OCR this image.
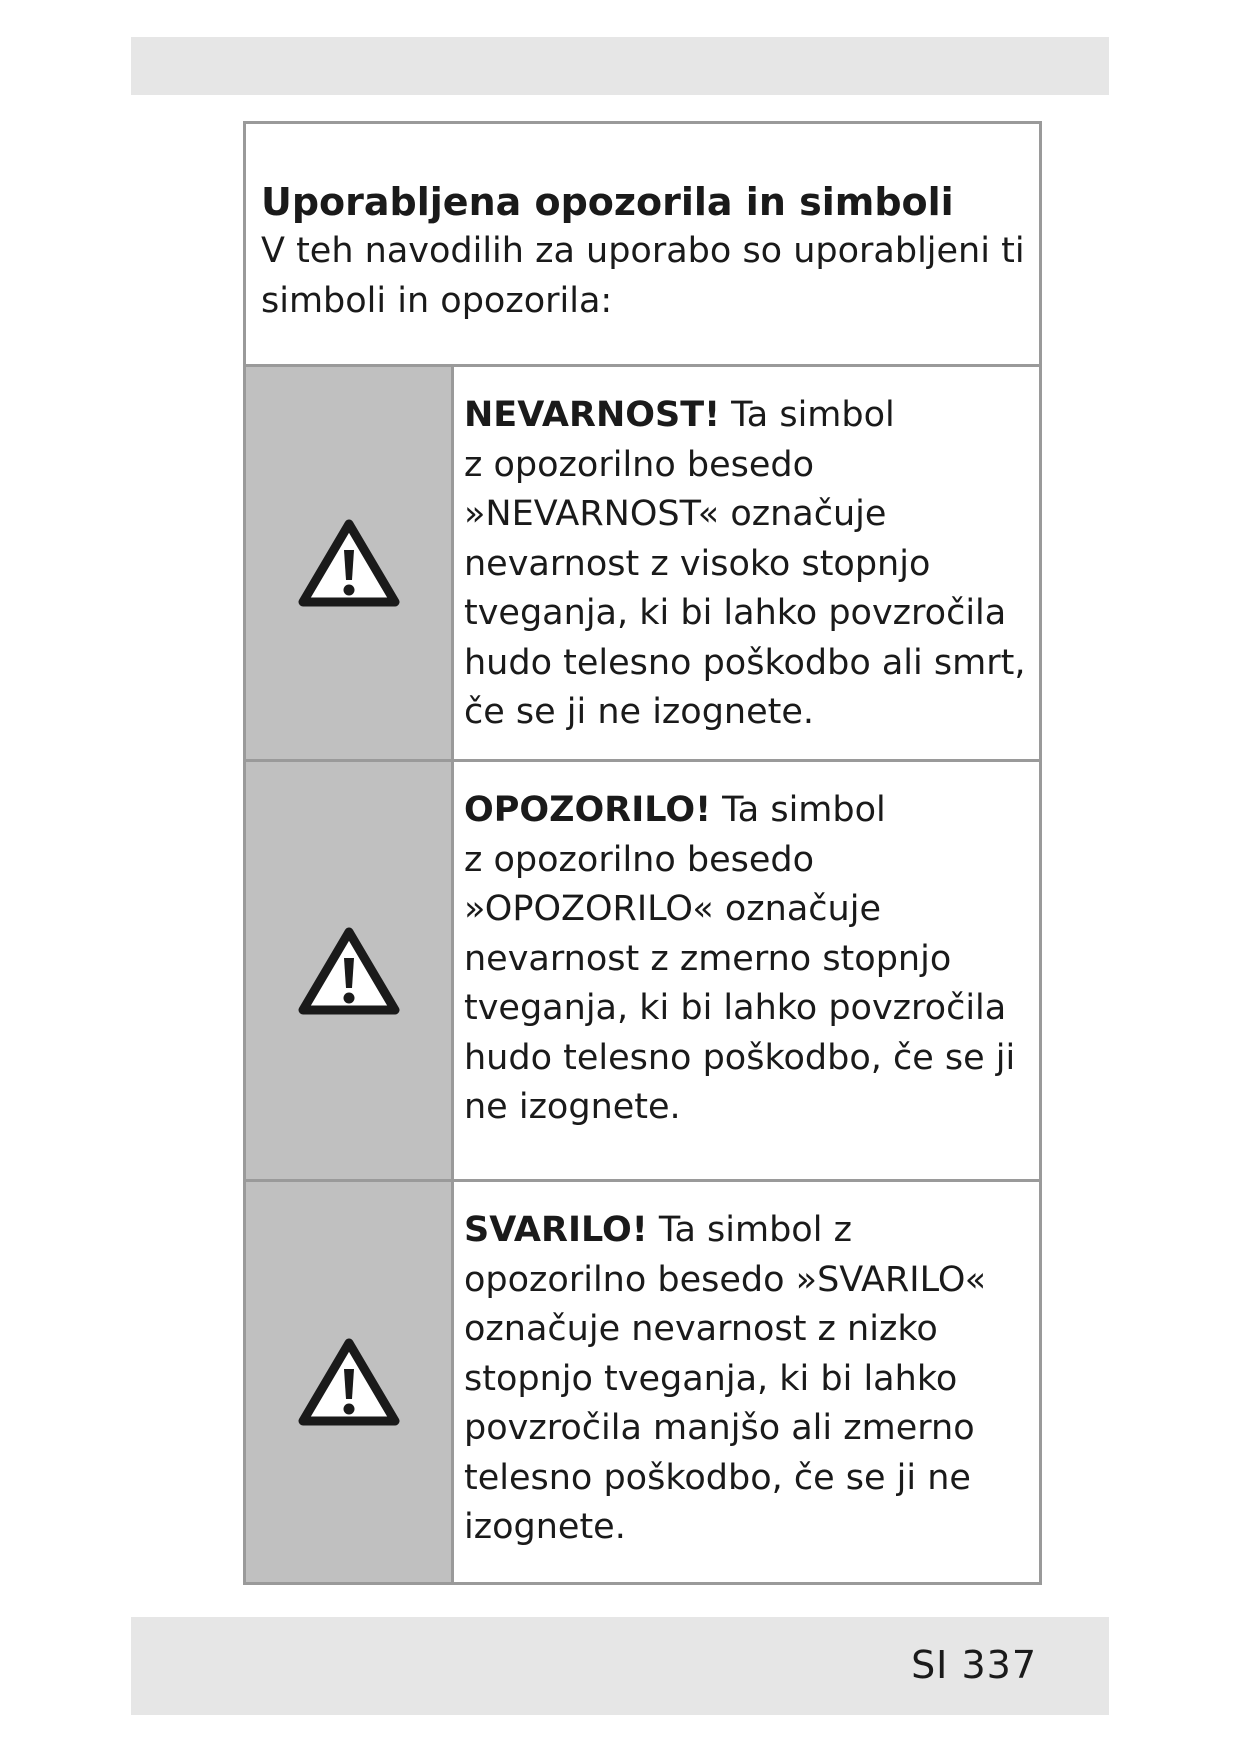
Uporabljena opozorila in simboli
V teh navodilih za uporabo so uporabljeni ti
simboli in opozorila:
NEVARNOST! Ta simbol
z opozorilno besedo
»NEVARNOST« označuje
nevarnost z visoko stopnjo
tveganja, ki bi lahko povzročila
hudo telesno poškodbo ali smrt,
če se ji ne izognete.
OPOZORILO! Ta simbol
z opozorilno besedo
»OPOZORILO« označuje
nevarnost z zmerno stopnjo
tveganja, ki bi lahko povzročila
hudo telesno poškodbo, če se ji
ne izognete.
SVARILO! Ta simbol z
opozorilno besedo »SVARILO«
označuje nevarnost z nizko
stopnjo tveganja, ki bi lahko
povzročila manjšo ali zmerno
telesno poškodbo, če se ji ne
izognete.
SI 337
